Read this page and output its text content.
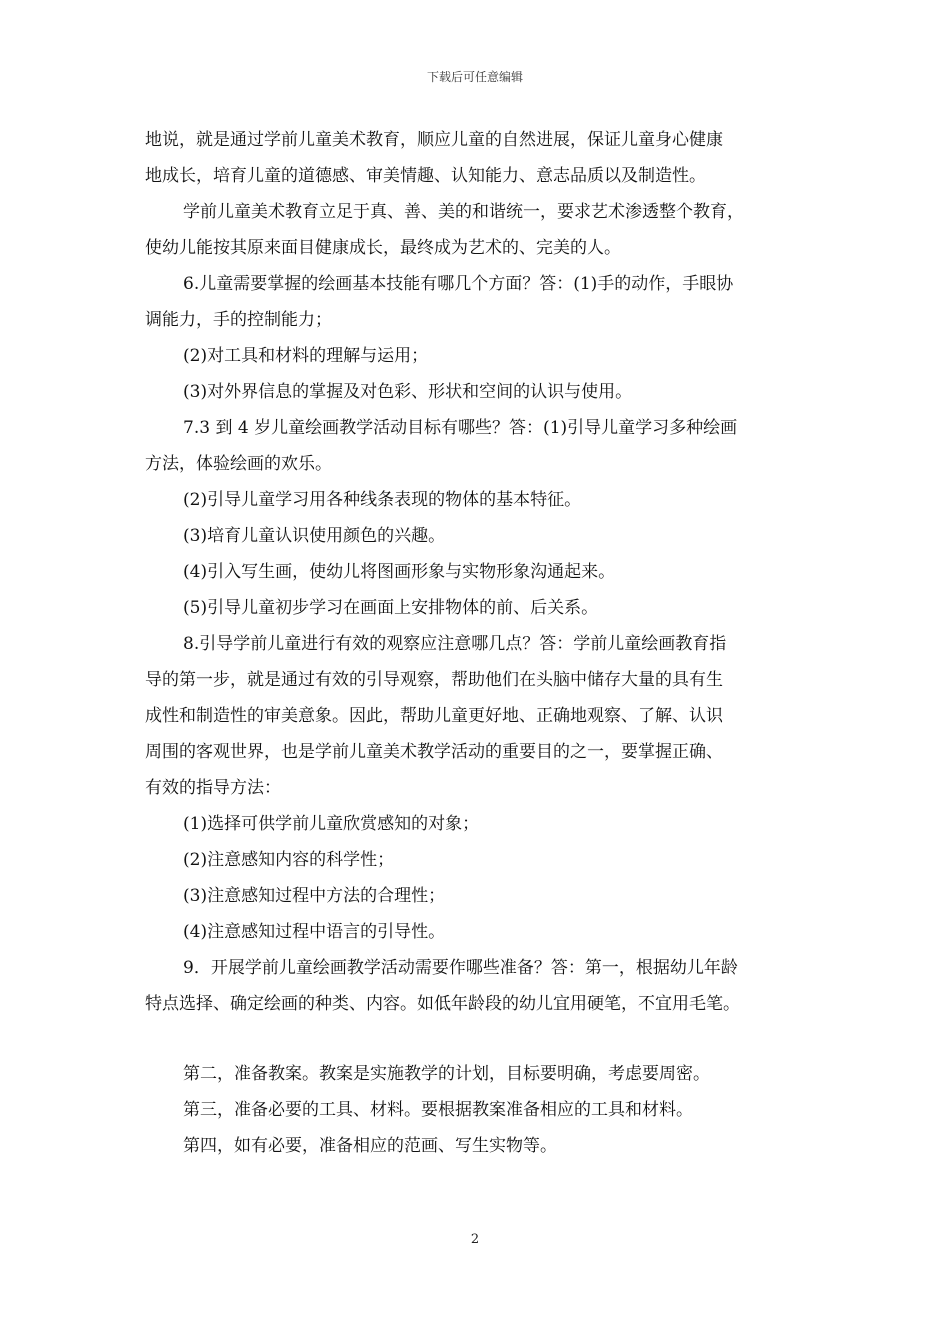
下载后可任意编辑
地说，就是通过学前儿童美术教育，顺应儿童的自然进展，保证儿童身心健康
地成长，培育儿童的道德感、审美情趣、认知能力、意志品质以及制造性。
学前儿童美术教育立足于真、善、美的和谐统一，要求艺术渗透整个教育，
使幼儿能按其原来面目健康成长，最终成为艺术的、完美的人。
6.儿童需要掌握的绘画基本技能有哪几个方面？答：(1)手的动作，手眼协
调能力，手的控制能力；
(2)对工具和材料的理解与运用；
(3)对外界信息的掌握及对色彩、形状和空间的认识与使用。
7.3 到 4 岁儿童绘画教学活动目标有哪些？答：(1)引导儿童学习多种绘画
方法，体验绘画的欢乐。
(2)引导儿童学习用各种线条表现的物体的基本特征。
(3)培育儿童认识使用颜色的兴趣。
(4)引入写生画，使幼儿将图画形象与实物形象沟通起来。
(5)引导儿童初步学习在画面上安排物体的前、后关系。
8.引导学前儿童进行有效的观察应注意哪几点？答：学前儿童绘画教育指
导的第一步，就是通过有效的引导观察，帮助他们在头脑中储存大量的具有生
成性和制造性的审美意象。因此，帮助儿童更好地、正确地观察、了解、认识
周围的客观世界，也是学前儿童美术教学活动的重要目的之一，要掌握正确、
有效的指导方法：
(1)选择可供学前儿童欣赏感知的对象；
(2)注意感知内容的科学性；
(3)注意感知过程中方法的合理性；
(4)注意感知过程中语言的引导性。
9．开展学前儿童绘画教学活动需要作哪些准备？答：第一，根据幼儿年龄
特点选择、确定绘画的种类、内容。如低年龄段的幼儿宜用硬笔，不宜用毛笔。
第二，准备教案。教案是实施教学的计划，目标要明确，考虑要周密。
第三，准备必要的工具、材料。要根据教案准备相应的工具和材料。
第四，如有必要，准备相应的范画、写生实物等。
2
